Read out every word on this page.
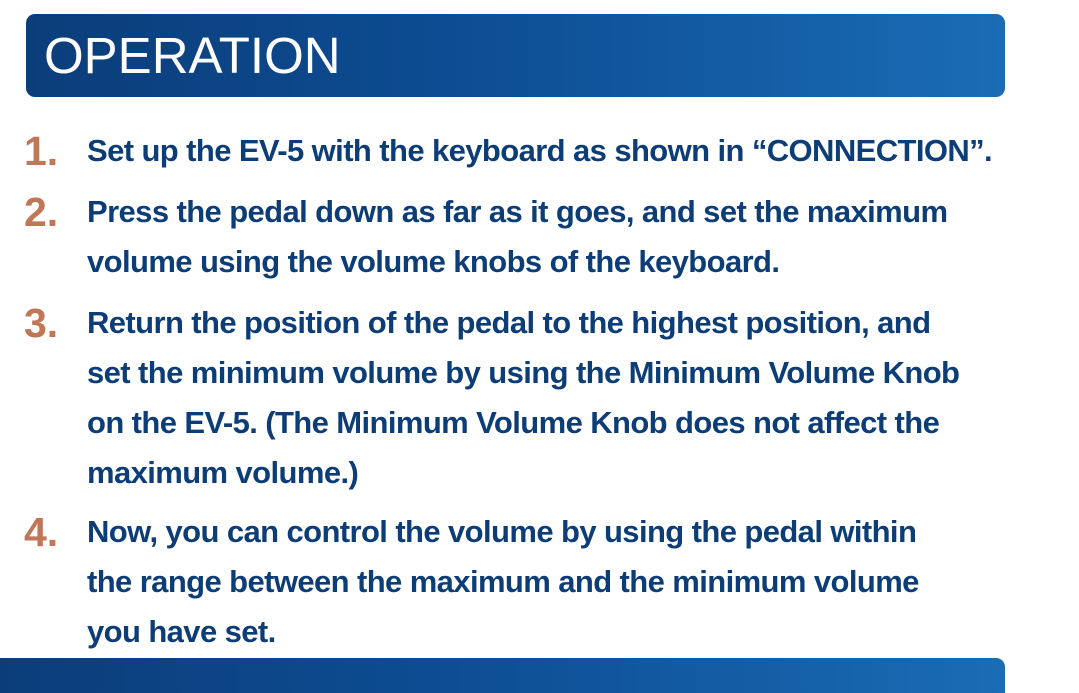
OPERATION
1. Set up the EV-5 with the keyboard as shown in “CONNECTION”.
2. Press the pedal down as far as it goes, and set the maximum
volume using the volume knobs of the keyboard.
3. Return the position of the pedal to the highest position, and
set the minimum volume by using the Minimum Volume Knob
on the EV-5. (The Minimum Volume Knob does not affect the
maximum volume.)
4. Now, you can control the volume by using the pedal within
the range between the maximum and the minimum volume
you have set.
